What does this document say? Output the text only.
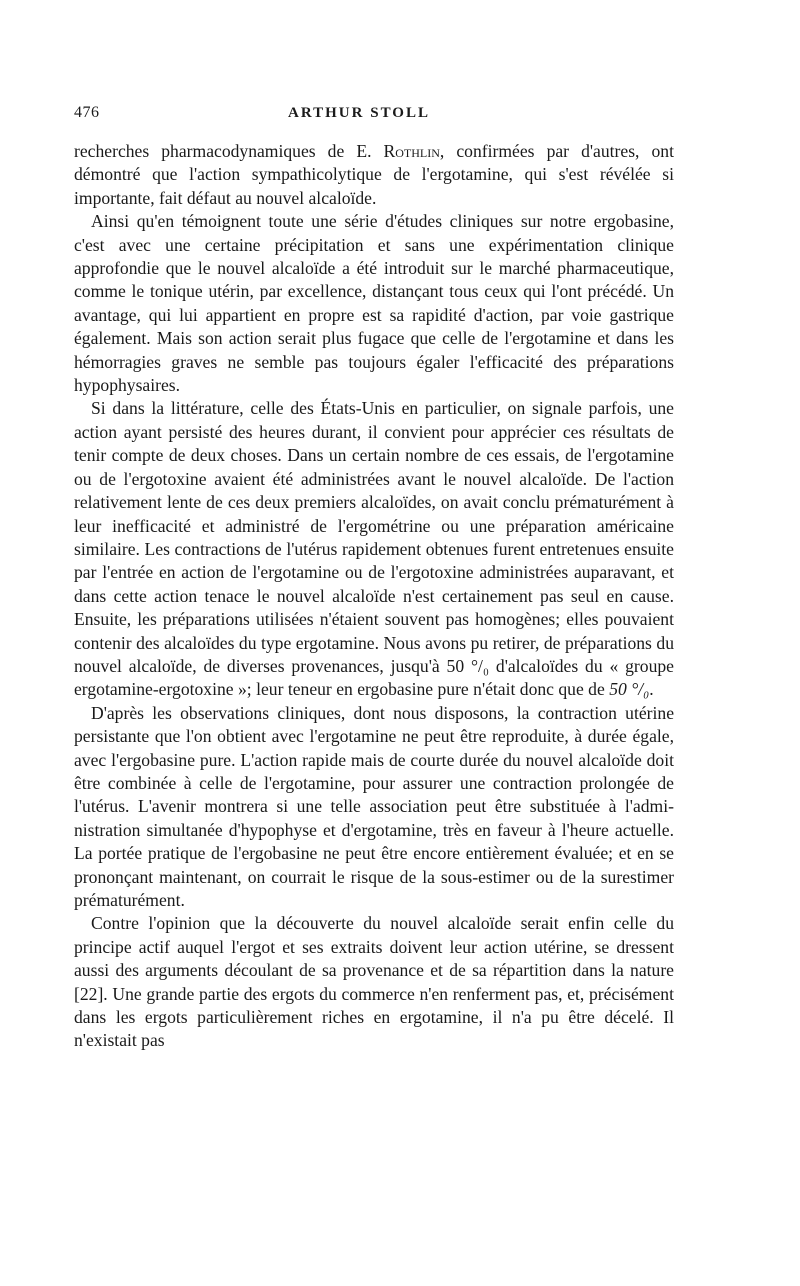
476	ARTHUR STOLL

recherches pharmacodynamiques de E. Rothlin, confirmées par d'autres, ont démontré que l'action sympathicolytique de l'ergotamine, qui s'est révélée si importante, fait défaut au nouvel alcaloïde.

Ainsi qu'en témoignent toute une série d'études cliniques sur notre ergobasine, c'est avec une certaine précipitation et sans une expérimentation clinique approfondie que le nouvel alcaloïde a été introduit sur le marché pharmaceutique, comme le tonique utérin, par excellence, distançant tous ceux qui l'ont précédé. Un avantage, qui lui appartient en propre est sa rapidité d'action, par voie gastrique également. Mais son action serait plus fugace que celle de l'ergotamine et dans les hémorragies graves ne semble pas toujours égaler l'efficacité des préparations hypophysaires.

Si dans la littérature, celle des États-Unis en particulier, on signale parfois, une action ayant persisté des heures durant, il convient pour apprécier ces résultats de tenir compte de deux choses. Dans un certain nombre de ces essais, de l'ergotamine ou de l'ergotoxine avaient été administrées avant le nouvel alcaloïde. De l'action relativement lente de ces deux premiers alcaloïdes, on avait conclu prématurément à leur inefficacité et administré de l'ergométrine ou une préparation américaine similaire. Les contractions de l'utérus rapidement obtenues furent entretenues ensuite par l'entrée en action de l'ergotamine ou de l'ergotoxine administrées auparavant, et dans cette action tenace le nouvel alcaloïde n'est certainement pas seul en cause. Ensuite, les préparations utilisées n'étaient souvent pas homogènes; elles pouvaient contenir des alcaloïdes du type ergotamine. Nous avons pu retirer, de préparations du nouvel alcaloïde, de diverses provenances, jusqu'à 50 °/₀ d'alcaloïdes du « groupe ergotamine-ergotoxine »; leur teneur en ergobasine pure n'était donc que de 50 °/₀.

D'après les observations cliniques, dont nous disposons, la contraction utérine persistante que l'on obtient avec l'ergotamine ne peut être reproduite, à durée égale, avec l'ergobasine pure. L'action rapide mais de courte durée du nouvel alcaloïde doit être combinée à celle de l'ergotamine, pour assurer une contraction prolongée de l'utérus. L'avenir montrera si une telle association peut être substituée à l'administration simultanée d'hypophyse et d'ergotamine, très en faveur à l'heure actuelle. La portée pratique de l'ergobasine ne peut être encore entièrement évaluée; et en se prononçant maintenant, on courrait le risque de la sous-estimer ou de la surestimer prématurément.

Contre l'opinion que la découverte du nouvel alcaloïde serait enfin celle du principe actif auquel l'ergot et ses extraits doivent leur action utérine, se dressent aussi des arguments découlant de sa provenance et de sa répartition dans la nature [22]. Une grande partie des ergots du commerce n'en renferment pas, et, précisément dans les ergots particulièrement riches en ergotamine, il n'a pu être décelé. Il n'existait pas
